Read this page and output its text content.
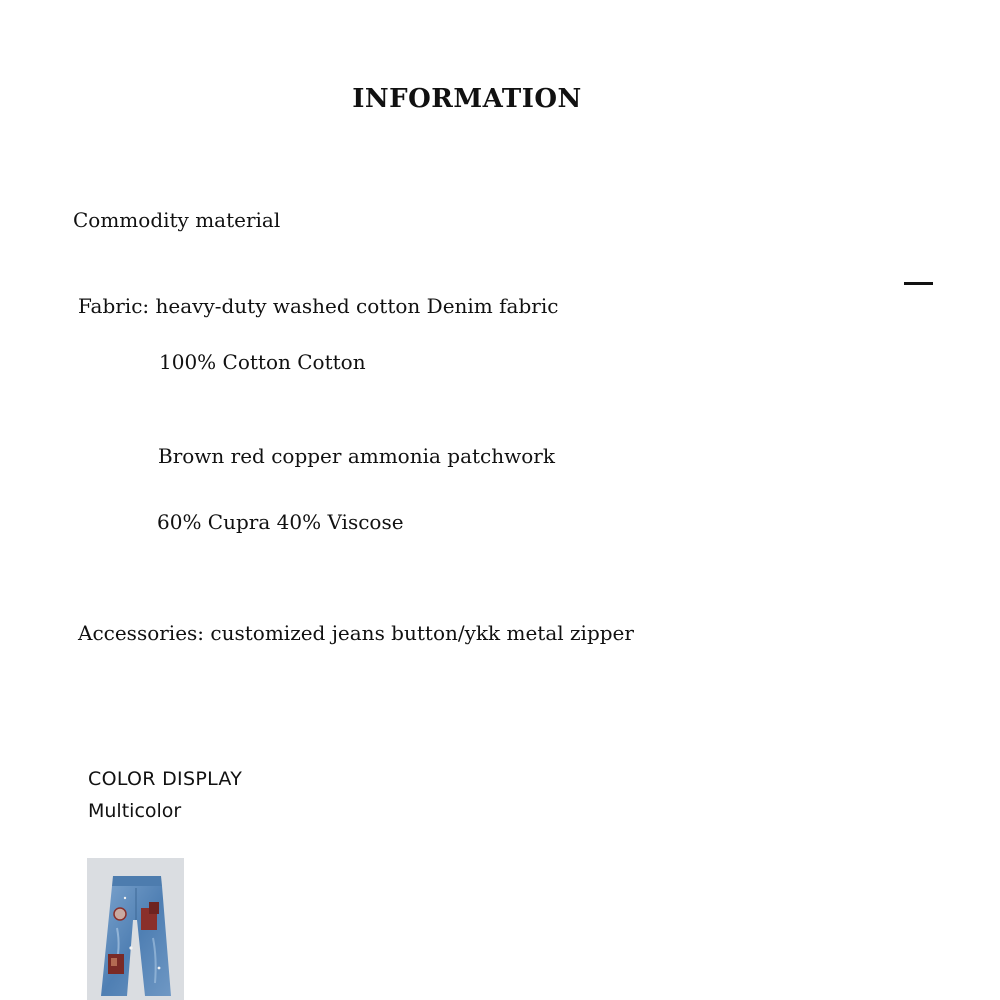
INFORMATION
Commodity material
Fabric: heavy-duty washed cotton Denim fabric
100% Cotton Cotton
Brown red copper ammonia patchwork
60% Cupra 40% Viscose
Accessories: customized jeans button/ykk metal zipper
COLOR DISPLAY
Multicolor
